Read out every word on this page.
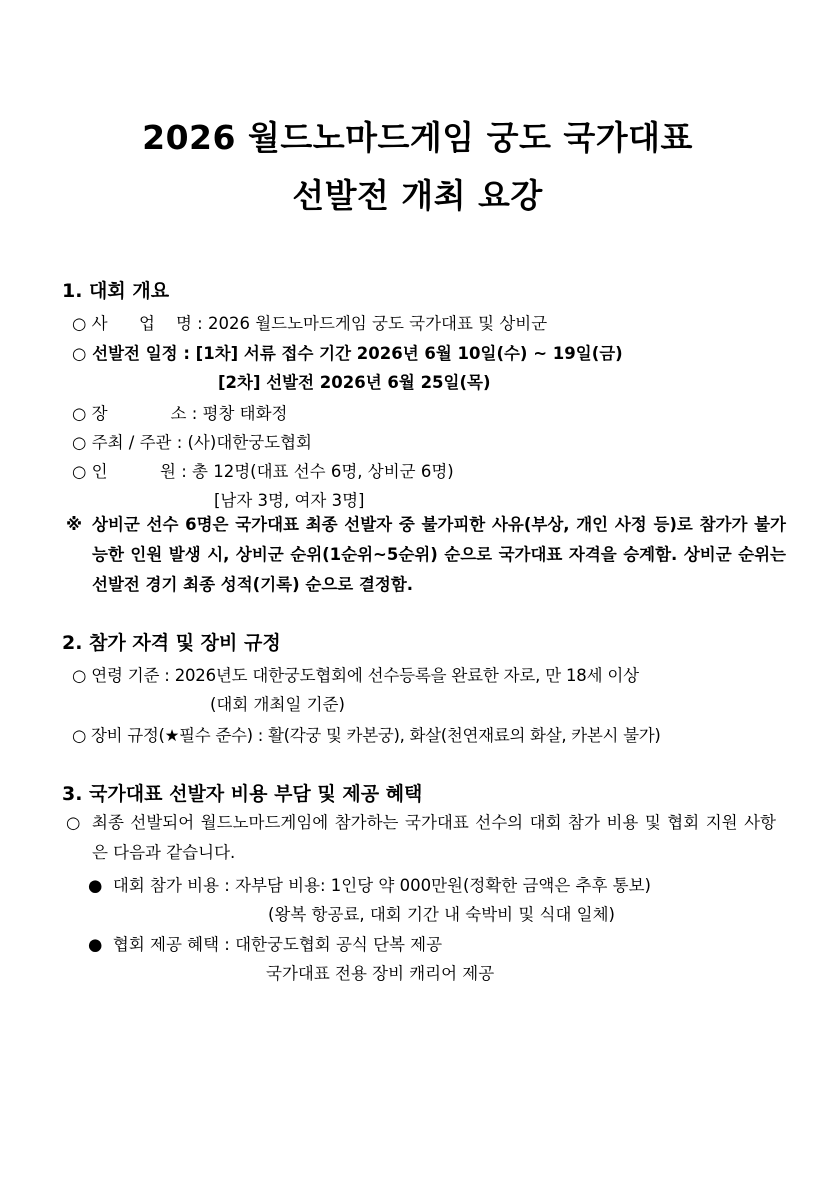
2026 월드노마드게임 궁도 국가대표
선발전 개최 요강
1. 대회 개요
○ 사      업    명 : 2026 월드노마드게임 궁도 국가대표 및 상비군
○ 선발전 일정 : [1차] 서류 접수 기간 2026년 6월 10일(수) ~ 19일(금)
[2차] 선발전 2026년 6월 25일(목)
○ 장            소 : 평창 태화정
○ 주최 / 주관 : (사)대한궁도협회
○ 인          원 : 총 12명(대표 선수 6명, 상비군 6명)
[남자 3명, 여자 3명]
※ 상비군 선수 6명은 국가대표 최종 선발자 중 불가피한 사유(부상, 개인 사정 등)로 참가가 불가능한 인원 발생 시, 상비군 순위(1순위~5순위) 순으로 국가대표 자격을 승계함. 상비군 순위는 선발전 경기 최종 성적(기록) 순으로 결정함.
2. 참가 자격 및 장비 규정
○ 연령 기준 : 2026년도 대한궁도협회에 선수등록을 완료한 자로, 만 18세 이상
(대회 개최일 기준)
○ 장비 규정(★필수 준수) : 활(각궁 및 카본궁), 화살(천연재료의 화살, 카본시 불가)
3. 국가대표 선발자 비용 부담 및 제공 혜택
○ 최종 선발되어 월드노마드게임에 참가하는 국가대표 선수의 대회 참가 비용 및 협회 지원 사항은 다음과 같습니다.
●  대회 참가 비용 : 자부담 비용: 1인당 약 000만원(정확한 금액은 추후 통보)
(왕복 항공료, 대회 기간 내 숙박비 및 식대 일체)
●  협회 제공 혜택 : 대한궁도협회 공식 단복 제공
국가대표 전용 장비 캐리어 제공
